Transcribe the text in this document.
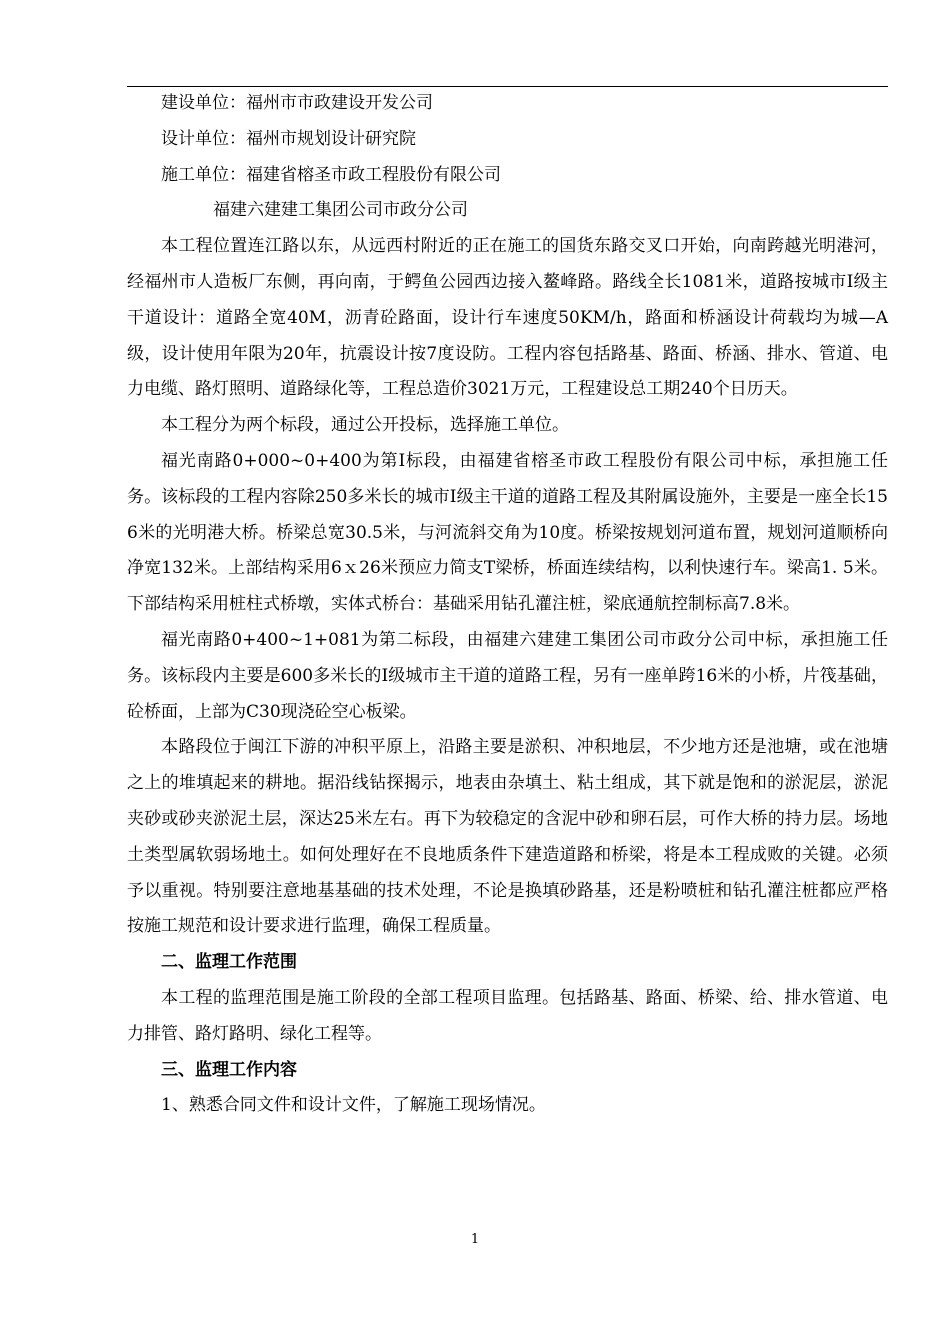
建设单位：福州市市政建设开发公司

设计单位：福州市规划设计研究院

施工单位：福建省榕圣市政工程股份有限公司

福建六建建工集团公司市政分公司

本工程位置连江路以东，从远西村附近的正在施工的国货东路交叉口开始，向南跨越光明港河，经福州市人造板厂东侧，再向南，于鳄鱼公园西边接入鳌峰路。路线全长1081米，道路按城市I级主干道设计：道路全宽40M，沥青砼路面，设计行车速度50KM/h，路面和桥涵设计荷载均为城—A级，设计使用年限为20年，抗震设计按7度设防。工程内容包括路基、路面、桥涵、排水、管道、电力电缆、路灯照明、道路绿化等，工程总造价3021万元，工程建设总工期240个日历天。

本工程分为两个标段，通过公开投标，选择施工单位。

福光南路0+000~0+400为第I标段，由福建省榕圣市政工程股份有限公司中标，承担施工任务。该标段的工程内容除250多米长的城市Ⅰ级主干道的道路工程及其附属设施外，主要是一座全长156米的光明港大桥。桥梁总宽30.5米，与河流斜交角为10度。桥梁按规划河道布置，规划河道顺桥向净宽132米。上部结构采用6ｘ26米预应力简支T梁桥，桥面连续结构，以利快速行车。梁高1. 5米。下部结构采用桩柱式桥墩，实体式桥台：基础采用钻孔灌注桩，梁底通航控制标高7.8米。

福光南路0+400~1+081为第二标段，由福建六建建工集团公司市政分公司中标，承担施工任务。该标段内主要是600多米长的Ⅰ级城市主干道的道路工程，另有一座单跨16米的小桥，片筏基础，砼桥面，上部为C30现浇砼空心板梁。

本路段位于闽江下游的冲积平原上，沿路主要是淤积、冲积地层，不少地方还是池塘，或在池塘之上的堆填起来的耕地。据沿线钻探揭示，地表由杂填土、粘土组成，其下就是饱和的淤泥层，淤泥夹砂或砂夹淤泥土层，深达25米左右。再下为较稳定的含泥中砂和卵石层，可作大桥的持力层。场地土类型属软弱场地土。如何处理好在不良地质条件下建造道路和桥梁，将是本工程成败的关键。必须予以重视。特别要注意地基基础的技术处理，不论是换填砂路基，还是粉喷桩和钻孔灌注桩都应严格按施工规范和设计要求进行监理，确保工程质量。

二、监理工作范围

本工程的监理范围是施工阶段的全部工程项目监理。包括路基、路面、桥梁、给、排水管道、电力排管、路灯路明、绿化工程等。

三、监理工作内容

1、熟悉合同文件和设计文件，了解施工现场情况。

1
